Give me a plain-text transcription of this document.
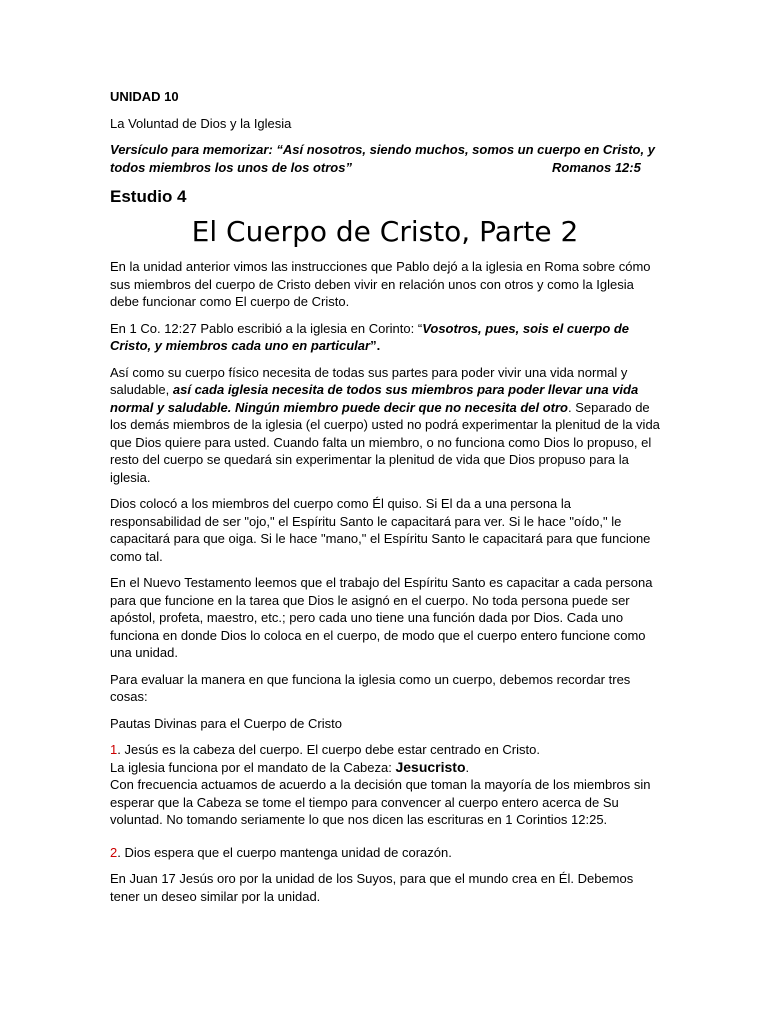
UNIDAD 10

La Voluntad de Dios y la Iglesia

Versículo para memorizar: “Así nosotros, siendo muchos, somos un cuerpo en Cristo, y todos miembros los unos de los otros”	Romanos 12:5

Estudio 4

El Cuerpo de Cristo, Parte 2

En la unidad anterior vimos las instrucciones que Pablo dejó a la iglesia en Roma sobre cómo sus miembros del cuerpo de Cristo deben vivir en relación unos con otros y como la Iglesia debe funcionar como El cuerpo de Cristo.

En 1 Co. 12:27 Pablo escribió a la iglesia en Corinto: “Vosotros, pues, sois el cuerpo de Cristo, y miembros cada uno en particular”.

Así como su cuerpo físico necesita de todas sus partes para poder vivir una vida normal y saludable, así cada iglesia necesita de todos sus miembros para poder llevar una vida normal y saludable. Ningún miembro puede decir que no necesita del otro. Separado de los demás miembros de la iglesia (el cuerpo) usted no podrá experimentar la plenitud de la vida que Dios quiere para usted. Cuando falta un miembro, o no funciona como Dios lo propuso, el resto del cuerpo se quedará sin experimentar la plenitud de vida que Dios propuso para la iglesia.

Dios colocó a los miembros del cuerpo como Él quiso. Si El da a una persona la responsabilidad de ser "ojo," el Espíritu Santo le capacitará para ver. Si le hace "oído," le capacitará para que oiga. Si le hace "mano," el Espíritu Santo le capacitará para que funcione como tal.

En el Nuevo Testamento leemos que el trabajo del Espíritu Santo es capacitar a cada persona para que funcione en la tarea que Dios le asignó en el cuerpo. No toda persona puede ser apóstol, profeta, maestro, etc.; pero cada uno tiene una función dada por Dios. Cada uno funciona en donde Dios lo coloca en el cuerpo, de modo que el cuerpo entero funcione como una unidad.

Para evaluar la manera en que funciona la iglesia como un cuerpo, debemos recordar tres cosas:

Pautas Divinas para el Cuerpo de Cristo

1. Jesús es la cabeza del cuerpo. El cuerpo debe estar centrado en Cristo.
La iglesia funciona por el mandato de la Cabeza: Jesucristo.
Con frecuencia actuamos de acuerdo a la decisión que toman la mayoría de los miembros sin esperar que la Cabeza se tome el tiempo para convencer al cuerpo entero acerca de Su voluntad. No tomando seriamente lo que nos dicen las escrituras en 1 Corintios 12:25.

2. Dios espera que el cuerpo mantenga unidad de corazón.

En Juan 17 Jesús oro por la unidad de los Suyos, para que el mundo crea en Él. Debemos tener un deseo similar por la unidad.
